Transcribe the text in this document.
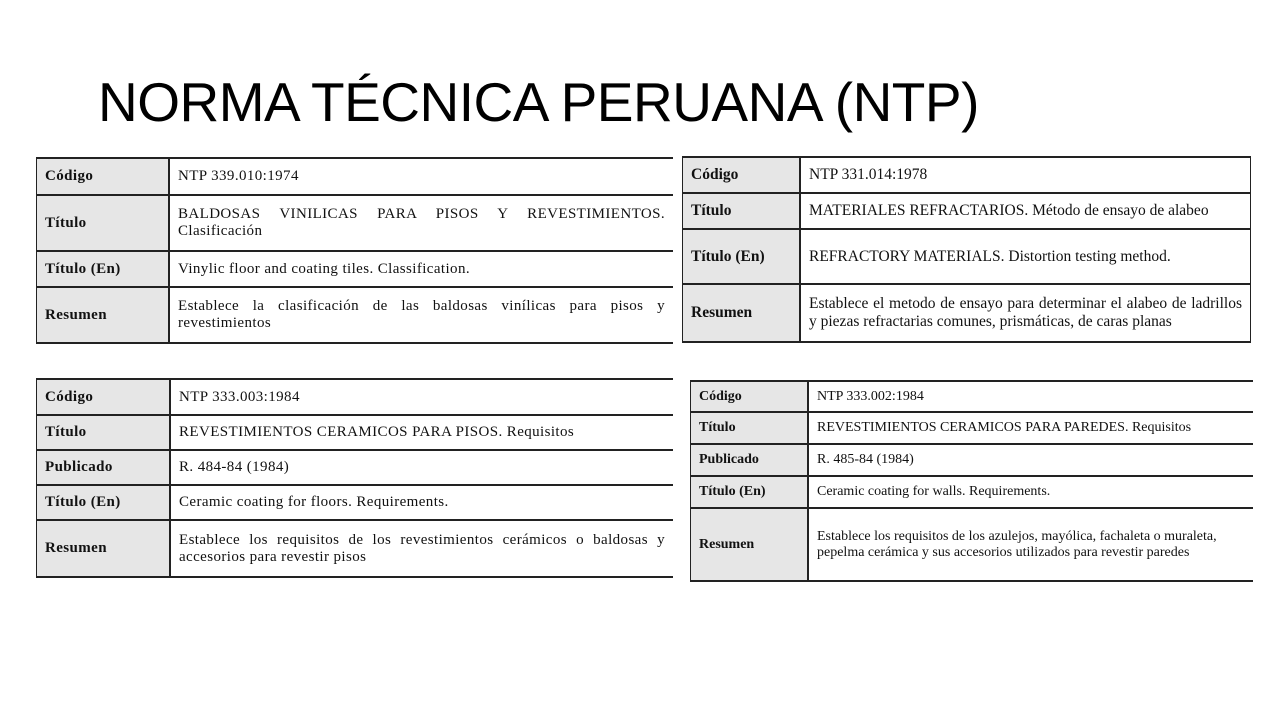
NORMA TÉCNICA PERUANA (NTP)
Código	NTP 339.010:1974
Título	BALDOSAS VINILICAS PARA PISOS Y REVESTIMIENTOS. Clasificación
Título (En)	Vinylic floor and coating tiles. Classification.
Resumen	Establece la clasificación de las baldosas vinílicas para pisos y revestimientos
Código	NTP 331.014:1978
Título	MATERIALES REFRACTARIOS. Método de ensayo de alabeo
Título (En)	REFRACTORY MATERIALS. Distortion testing method.
Resumen	Establece el metodo de ensayo para determinar el alabeo de ladrillos y piezas refractarias comunes, prismáticas, de caras planas
Código	NTP 333.003:1984
Título	REVESTIMIENTOS CERAMICOS PARA PISOS. Requisitos
Publicado	R. 484-84 (1984)
Título (En)	Ceramic coating for floors. Requirements.
Resumen	Establece los requisitos de los revestimientos cerámicos o baldosas y accesorios para revestir pisos
Código	NTP 333.002:1984
Título	REVESTIMIENTOS CERAMICOS PARA PAREDES. Requisitos
Publicado	R. 485-84 (1984)
Título (En)	Ceramic coating for walls. Requirements.
Resumen	Establece los requisitos de los azulejos, mayólica, fachaleta o muraleta, pepelma cerámica y sus accesorios utilizados para revestir paredes
